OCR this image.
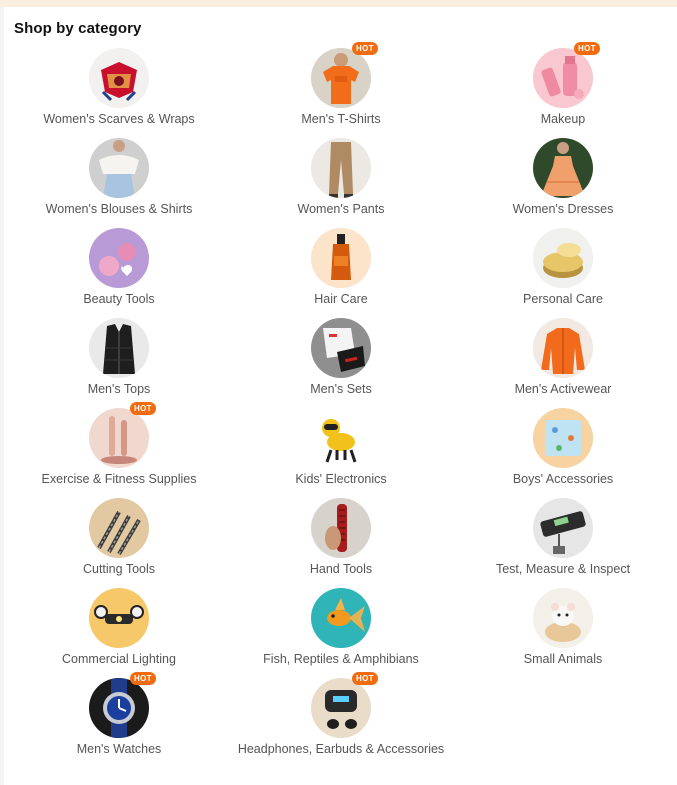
Shop by category
Women's Scarves & Wraps	Men's T-Shirts
HOT
Makeup
HOT
Women's Blouses & Shirts	Women's Pants	Women's Dresses
Beauty Tools	Hair Care	Personal Care
Men's Tops	Men's Sets	Men's Activewear
Exercise & Fitness Supplies
HOT
Kids' Electronics	Boys' Accessories
Cutting Tools	Hand Tools	Test, Measure & Inspect
Commercial Lighting	Fish, Reptiles & Amphibians	Small Animals
Men's Watches
HOT
Headphones, Earbuds & Accessories
HOT
